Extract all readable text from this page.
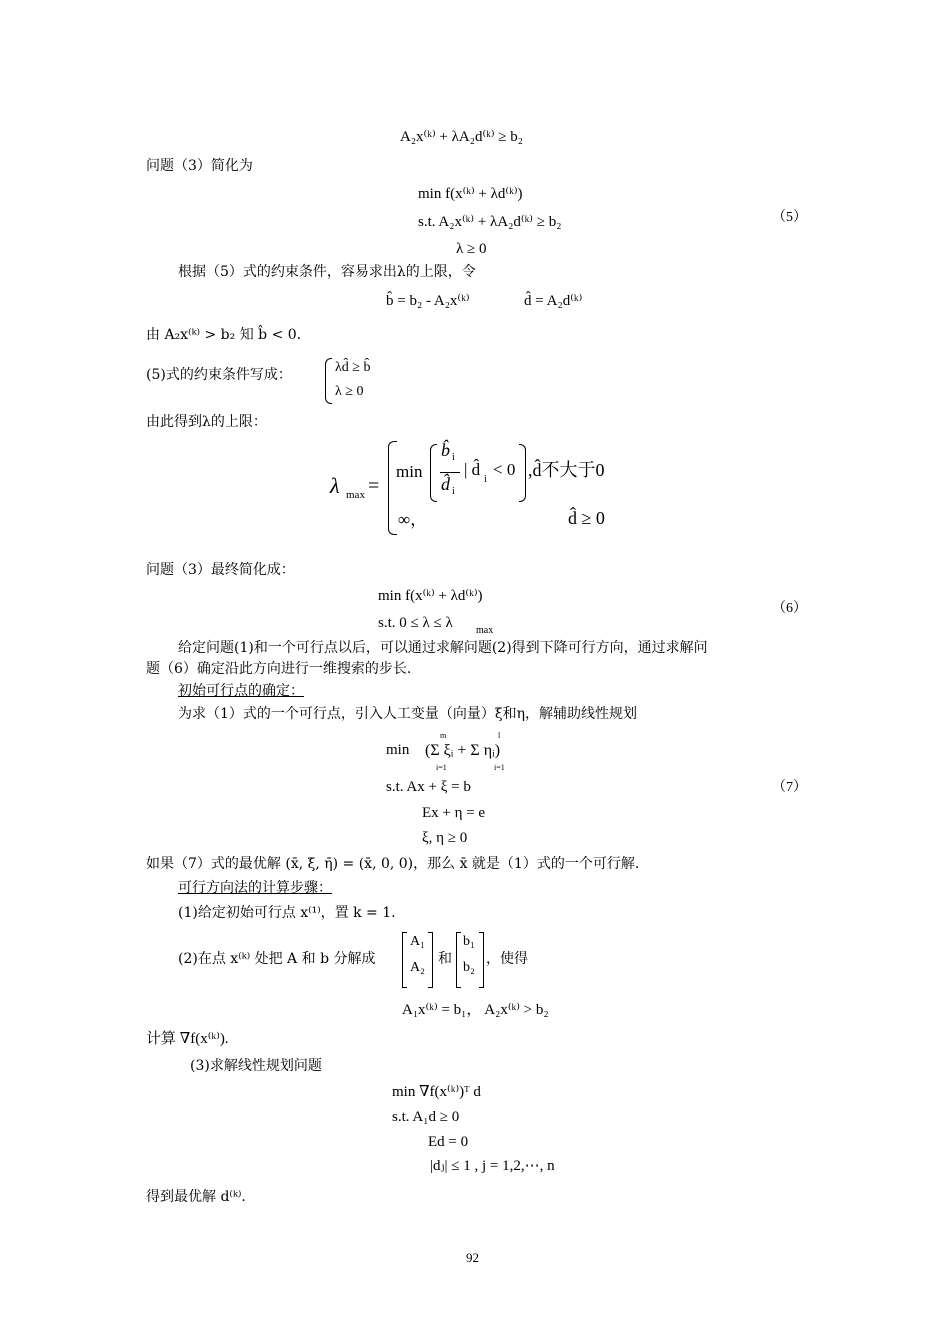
A₂x⁽ᵏ⁾ + λA₂d⁽ᵏ⁾ ≥ b₂
问题（3）简化为
min f(x⁽ᵏ⁾ + λd⁽ᵏ⁾)
s.t. A₂x⁽ᵏ⁾ + λA₂d⁽ᵏ⁾ ≥ b₂
λ ≥ 0
（5）
根据（5）式的约束条件，容易求出λ的上限，令
b̂ = b₂ - A₂x⁽ᵏ⁾	d̂ = A₂d⁽ᵏ⁾
由 A₂x⁽ᵏ⁾ > b₂ 知 b̂ < 0.
(5)式的约束条件写成：	λd̂ ≥ b̂
λ ≥ 0
由此得到λ的上限：
λ max =
min
b̂ i
d̂ i
| d̂
i
< 0 ,d̂不大于0
∞，	d̂ ≥ 0
问题（3）最终简化成：
min f(x⁽ᵏ⁾ + λd⁽ᵏ⁾)
s.t. 0 ≤ λ ≤ λ max
（6）
给定问题(1)和一个可行点以后，可以通过求解问题(2)得到下降可行方向，通过求解问
题（6）确定沿此方向进行一维搜索的步长.
初始可行点的确定：
为求（1）式的一个可行点，引入人工变量（向量）ξ和η，解辅助线性规划
min
m	l
(Σ ξᵢ + Σ ηᵢ)
i=1	i=1
s.t. Ax + ξ = b
Ex + η = e
ξ, η ≥ 0
（7）
如果（7）式的最优解 (x̄, ξ̄, η̄) = (x̄, 0, 0)，那么 x̄ 就是（1）式的一个可行解.
可行方向法的计算步骤：
(1)给定初始可行点 x⁽¹⁾，置 k = 1.
(2)在点 x⁽ᵏ⁾ 处把 A 和 b 分解成
A₁
A₂
和
b₁
b₂
，使得
A₁x⁽ᵏ⁾ = b₁， A₂x⁽ᵏ⁾ > b₂
计算 ∇f(x⁽ᵏ⁾).
(3)求解线性规划问题
min ∇f(x⁽ᵏ⁾)ᵀ d
s.t. A₁d ≥ 0
Ed = 0
|dⱼ| ≤ 1 , j = 1,2,⋯, n
得到最优解 d⁽ᵏ⁾.
92
